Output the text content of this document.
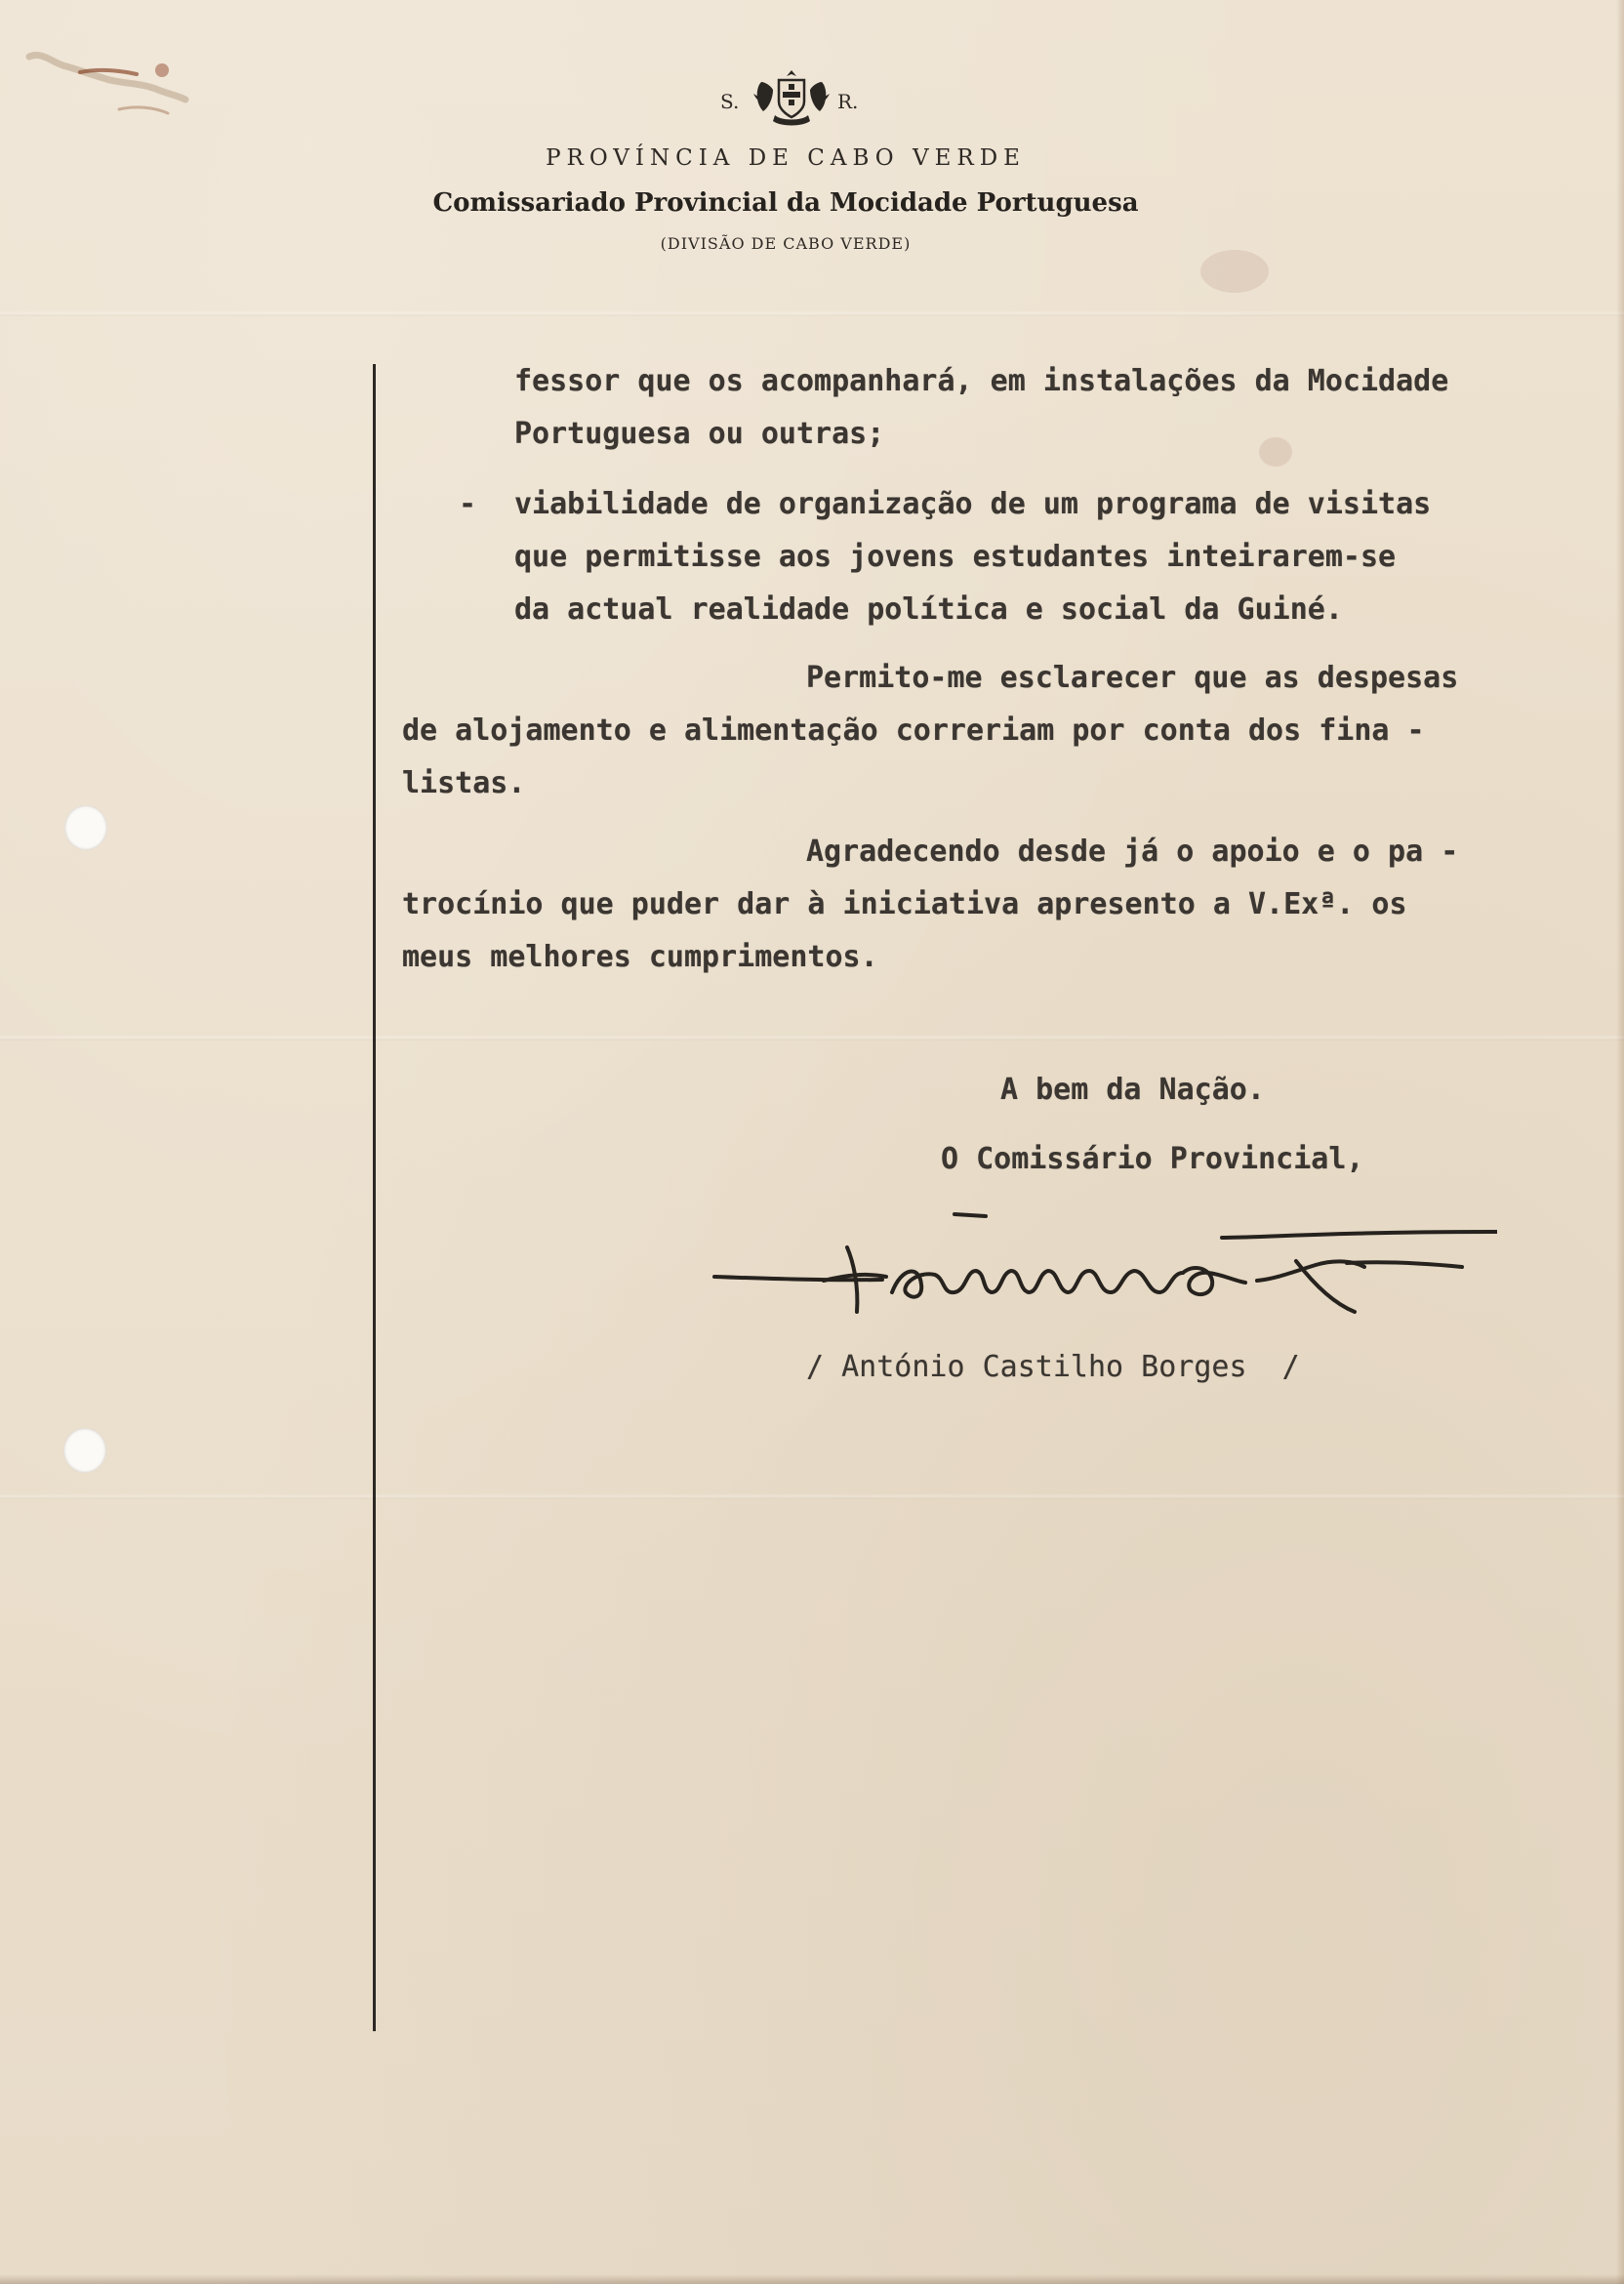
S.	R.
PROVÍNCIA DE CABO VERDE
Comissariado Provincial da Mocidade Portuguesa
(DIVISÃO DE CABO VERDE)
fessor que os acompanhará, em instalações da Mocidade
Portuguesa ou outras;
- viabilidade de organização de um programa de visitas
que permitisse aos jovens estudantes inteirarem-se
da actual realidade política e social da Guiné.
Permito-me esclarecer que as despesas
de alojamento e alimentação correriam por conta dos fina -
listas.
Agradecendo desde já o apoio e o pa -
trocínio que puder dar à iniciativa apresento a V.Exª. os
meus melhores cumprimentos.
A bem da Nação.
O Comissário Provincial,
/ António Castilho Borges  /
